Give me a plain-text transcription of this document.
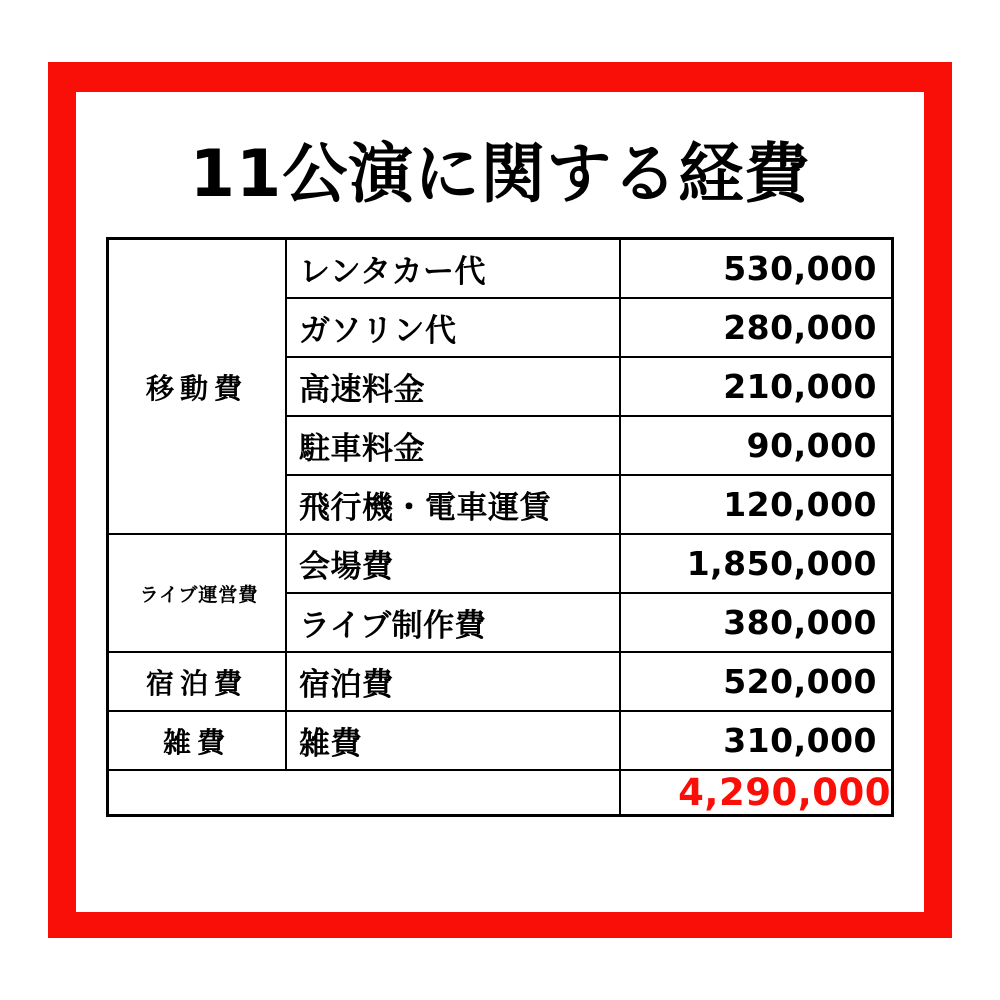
11公演に関する経費
移動費	レンタカー代	530,000
	ガソリン代	280,000
	高速料金	210,000
	駐車料金	90,000
	飛行機・電車運賃	120,000
ライブ運営費	会場費	1,850,000
	ライブ制作費	380,000
宿泊費	宿泊費	520,000
雑費	雑費	310,000
		4,290,000
